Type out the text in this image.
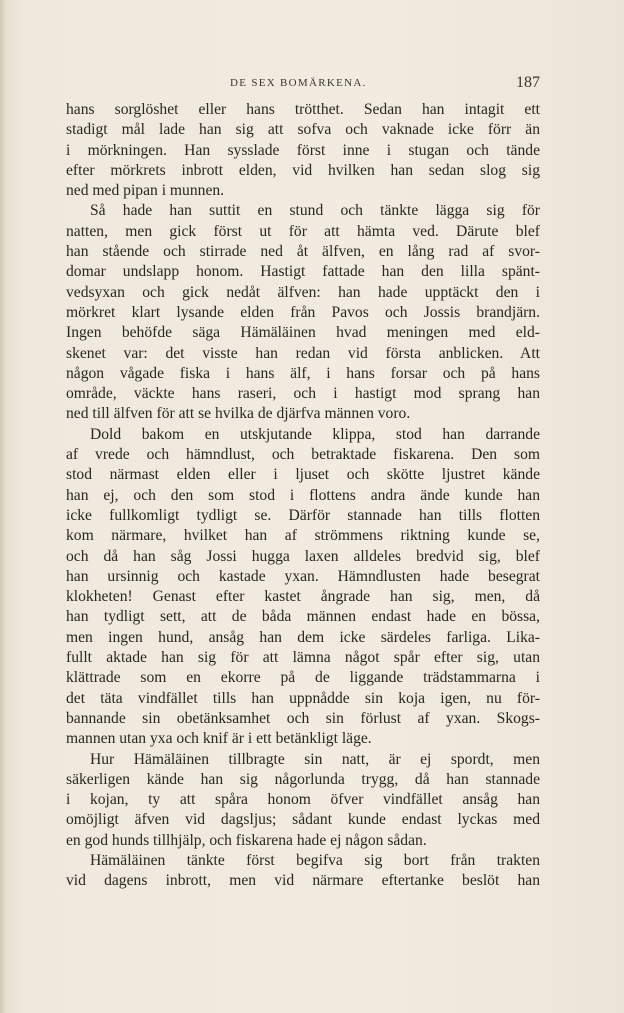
DE SEX BOMÄRKENA.	187
hans sorglöshet eller hans trötthet. Sedan han intagit ett
stadigt mål lade han sig att sofva och vaknade icke förr än
i mörkningen. Han sysslade först inne i stugan och tände
efter mörkrets inbrott elden, vid hvilken han sedan slog sig
ned med pipan i munnen.
Så hade han suttit en stund och tänkte lägga sig för
natten, men gick först ut för att hämta ved. Därute blef
han stående och stirrade ned åt älfven, en lång rad af svor-
domar undslapp honom. Hastigt fattade han den lilla spänt-
vedsyxan och gick nedåt älfven: han hade upptäckt den i
mörkret klart lysande elden från Pavos och Jossis brandjärn.
Ingen behöfde säga Hämäläinen hvad meningen med eld-
skenet var: det visste han redan vid första anblicken. Att
någon vågade fiska i hans älf, i hans forsar och på hans
område, väckte hans raseri, och i hastigt mod sprang han
ned till älfven för att se hvilka de djärfva männen voro.
Dold bakom en utskjutande klippa, stod han darrande
af vrede och hämndlust, och betraktade fiskarena. Den som
stod närmast elden eller i ljuset och skötte ljustret kände
han ej, och den som stod i flottens andra ände kunde han
icke fullkomligt tydligt se. Därför stannade han tills flotten
kom närmare, hvilket han af strömmens riktning kunde se,
och då han såg Jossi hugga laxen alldeles bredvid sig, blef
han ursinnig och kastade yxan. Hämndlusten hade besegrat
klokheten! Genast efter kastet ångrade han sig, men, då
han tydligt sett, att de båda männen endast hade en bössa,
men ingen hund, ansåg han dem icke särdeles farliga. Lika-
fullt aktade han sig för att lämna något spår efter sig, utan
klättrade som en ekorre på de liggande trädstammarna i
det täta vindfället tills han uppnådde sin koja igen, nu för-
bannande sin obetänksamhet och sin förlust af yxan. Skogs-
mannen utan yxa och knif är i ett betänkligt läge.
Hur Hämäläinen tillbragte sin natt, är ej spordt, men
säkerligen kände han sig någorlunda trygg, då han stannade
i kojan, ty att spåra honom öfver vindfället ansåg han
omöjligt äfven vid dagsljus; sådant kunde endast lyckas med
en god hunds tillhjälp, och fiskarena hade ej någon sådan.
Hämäläinen tänkte först begifva sig bort från trakten
vid dagens inbrott, men vid närmare eftertanke beslöt han
